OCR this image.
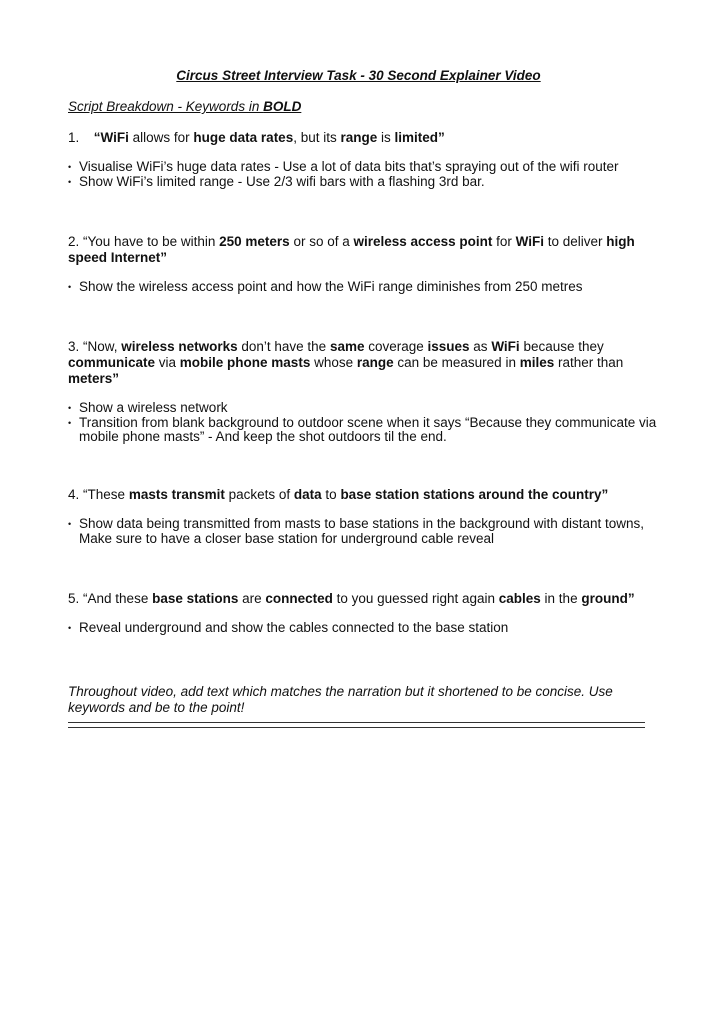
Circus Street Interview Task - 30 Second Explainer Video
Script Breakdown - Keywords in BOLD

1. “WiFi allows for huge data rates, but its range is limited”

• Visualise WiFi’s huge data rates - Use a lot of data bits that’s spraying out of the wifi router
• Show WiFi’s limited range - Use 2/3 wifi bars with a flashing 3rd bar.

2. “You have to be within 250 meters or so of a wireless access point for WiFi to deliver high speed Internet”

• Show the wireless access point and how the WiFi range diminishes from 250 metres

3. “Now, wireless networks don’t have the same coverage issues as WiFi because they communicate via mobile phone masts whose range can be measured in miles rather than meters”

• Show a wireless network
• Transition from blank background to outdoor scene when it says “Because they communicate via mobile phone masts” - And keep the shot outdoors til the end.

4. “These masts transmit packets of data to base station stations around the country”

• Show data being transmitted from masts to base stations in the background with distant towns, Make sure to have a closer base station for underground cable reveal

5. “And these base stations are connected to you guessed right again cables in the ground”

• Reveal underground and show the cables connected to the base station
Throughout video, add text which matches the narration but it shortened to be concise. Use keywords and be to the point!
